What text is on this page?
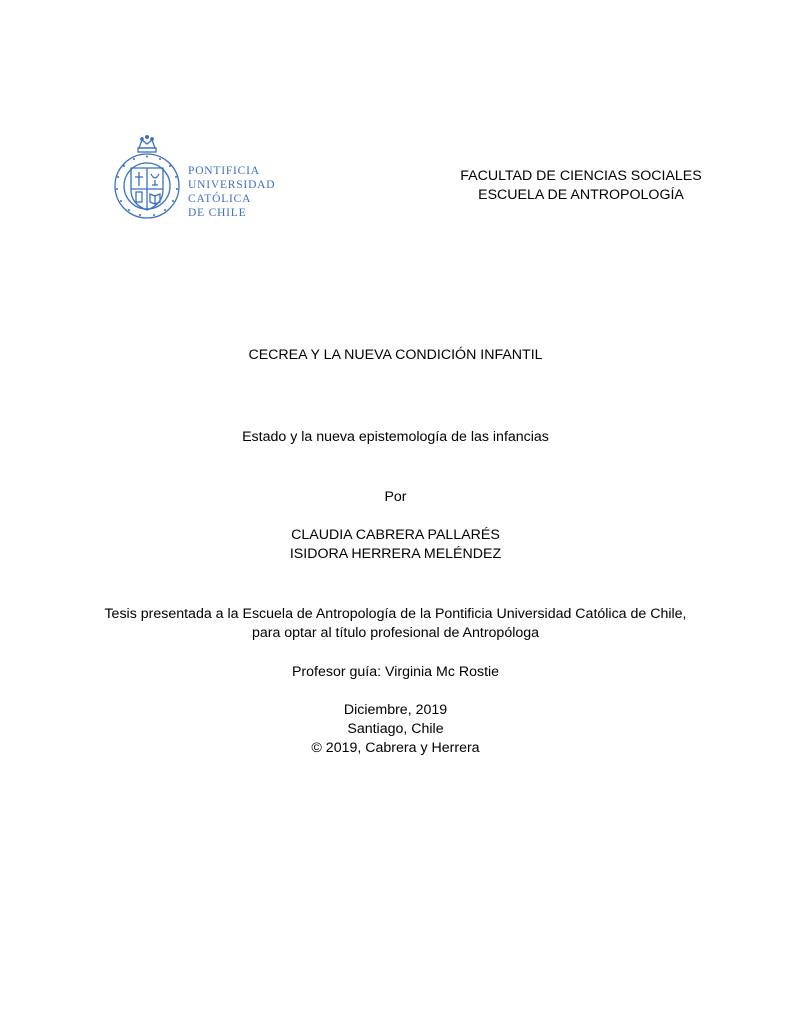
PONTIFICIA
UNIVERSIDAD
CATÓLICA
DE CHILE
FACULTAD DE CIENCIAS SOCIALES
ESCUELA DE ANTROPOLOGÍA
CECREA Y LA NUEVA CONDICIÓN INFANTIL
Estado y la nueva epistemología de las infancias
Por
CLAUDIA CABRERA PALLARÉS
ISIDORA HERRERA MELÉNDEZ
Tesis presentada a la Escuela de Antropología de la Pontificia Universidad Católica de Chile,
para optar al título profesional de Antropóloga
Profesor guía: Virginia Mc Rostie
Diciembre, 2019
Santiago, Chile
© 2019, Cabrera y Herrera
